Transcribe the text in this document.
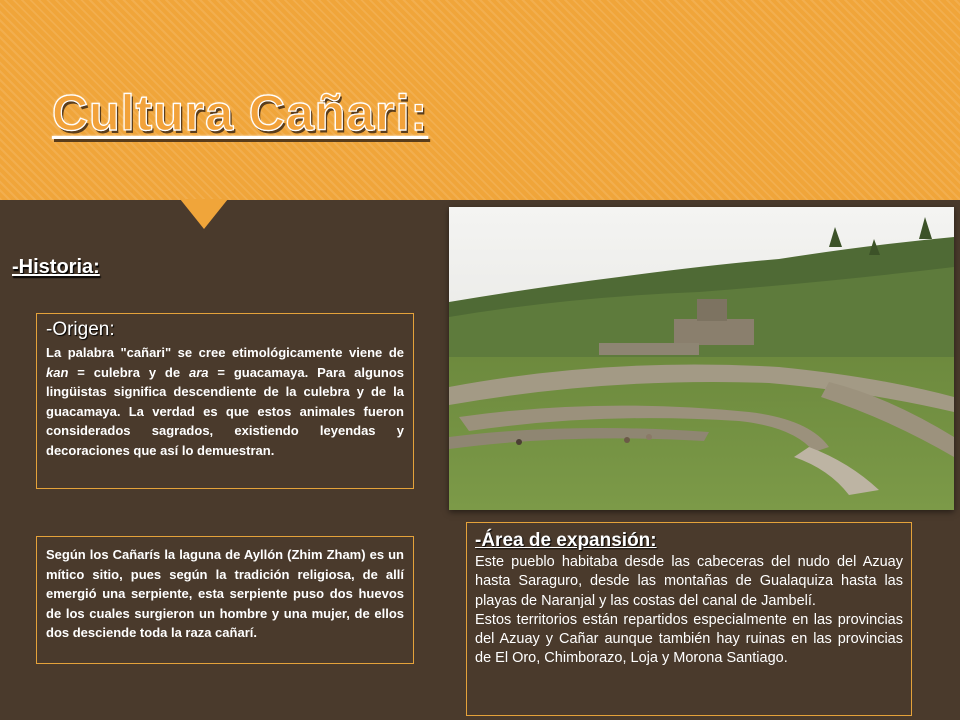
Cultura Cañari:
-Historia:
-Origen:

La palabra "cañari" se cree etimológicamente viene de kan = culebra y de ara = guacamaya. Para algunos lingüistas significa descendiente de la culebra y de la guacamaya. La verdad es que estos animales fueron considerados sagrados, existiendo leyendas y decoraciones que así lo demuestran.

Según los Cañarís la laguna de Ayllón (Zhim Zham) es un mítico sitio, pues según la tradición religiosa, de allí emergió una serpiente, esta serpiente puso dos huevos de los cuales surgieron un hombre y una mujer, de ellos dos desciende toda la raza cañarí.

-Área de expansión:

Este pueblo habitaba desde las cabeceras del nudo del Azuay hasta Saraguro, desde las montañas de Gualaquiza hasta las playas de Naranjal y las costas del canal de Jambelí.

Estos territorios están repartidos especialmente en las provincias del Azuay y Cañar aunque también hay ruinas en las provincias de El Oro, Chimborazo, Loja y Morona Santiago.
